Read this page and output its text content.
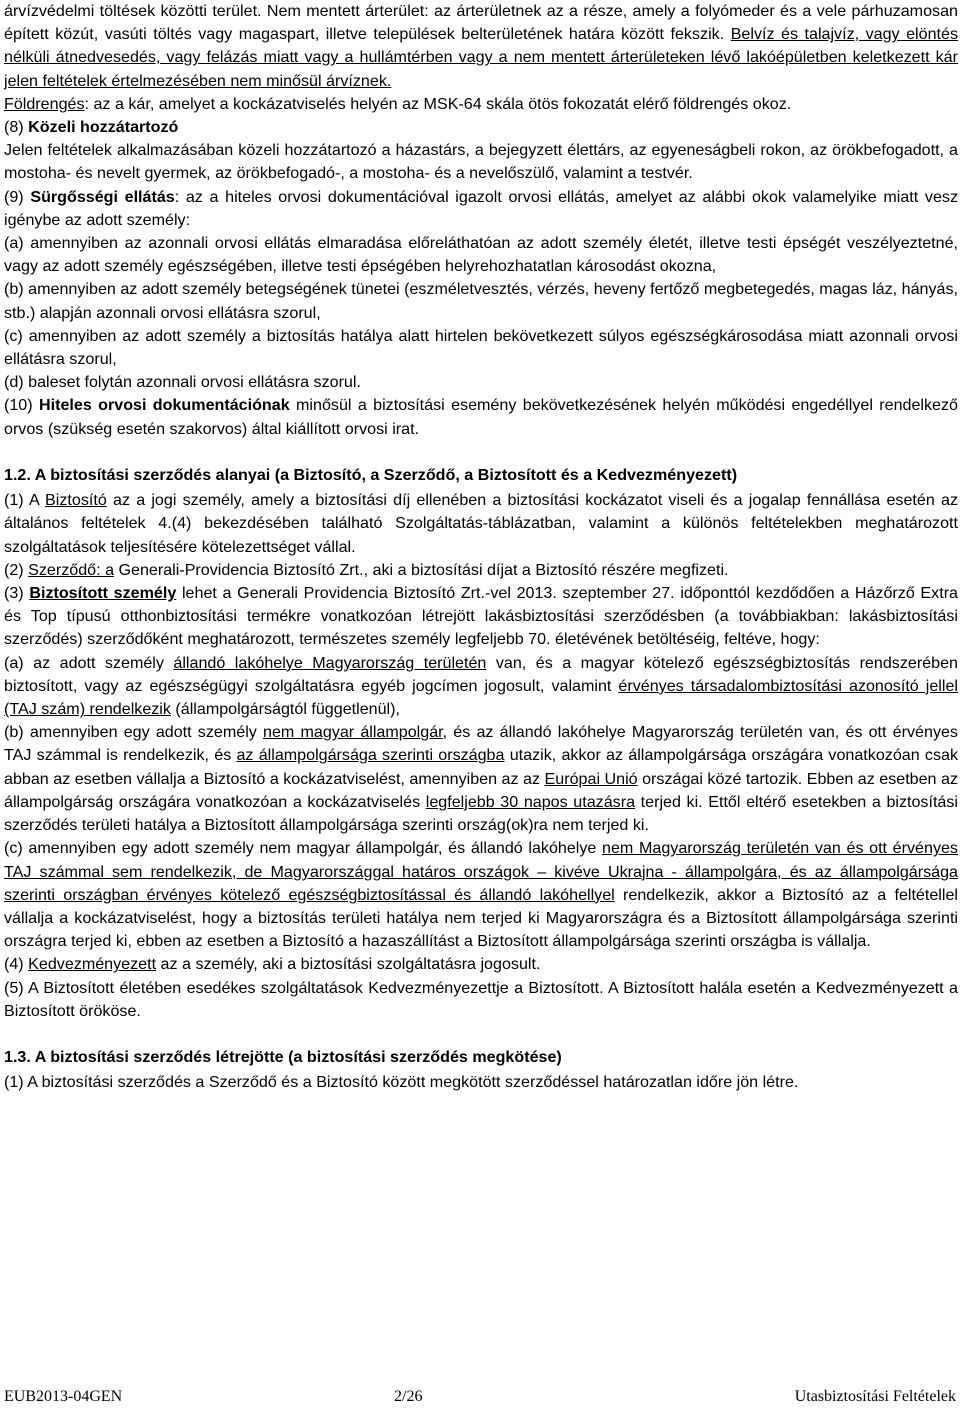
árvízvédelmi töltések közötti terület. Nem mentett árterület: az árterületnek az a része, amely a folyómeder és a vele párhuzamosan épített közút, vasúti töltés vagy magaspart, illetve települések belterületének határa között fekszik. Belvíz és talajvíz, vagy elöntés nélküli átnedvesedés, vagy felázás miatt vagy a hullámtérben vagy a nem mentett árterületeken lévő lakóépületben keletkezett kár jelen feltételek értelmezésében nem minősül árvíznek.

Földrengés: az a kár, amelyet a kockázatviselés helyén az MSK-64 skála ötös fokozatát elérő földrengés okoz.

(8) Közeli hozzátartozó

Jelen feltételek alkalmazásában közeli hozzátartozó a házastárs, a bejegyzett élettárs, az egyeneságbeli rokon, az örökbefogadott, a mostoha- és nevelt gyermek, az örökbefogadó-, a mostoha- és a nevelőszülő, valamint a testvér.

(9) Sürgősségi ellátás: az a hiteles orvosi dokumentációval igazolt orvosi ellátás, amelyet az alábbi okok valamelyike miatt vesz igénybe az adott személy:

(a) amennyiben az azonnali orvosi ellátás elmaradása előreláthatóan az adott személy életét, illetve testi épségét veszélyeztetné, vagy az adott személy egészségében, illetve testi épségében helyrehozhatatlan károsodást okozna,

(b) amennyiben az adott személy betegségének tünetei (eszméletvesztés, vérzés, heveny fertőző megbetegedés, magas láz, hányás, stb.) alapján azonnali orvosi ellátásra szorul,

(c) amennyiben az adott személy a biztosítás hatálya alatt hirtelen bekövetkezett súlyos egészségkárosodása miatt azonnali orvosi ellátásra szorul,

(d) baleset folytán azonnali orvosi ellátásra szorul.

(10) Hiteles orvosi dokumentációnak minősül a biztosítási esemény bekövetkezésének helyén működési engedéllyel rendelkező orvos (szükség esetén szakorvos) által kiállított orvosi irat.

1.2. A biztosítási szerződés alanyai (a Biztosító, a Szerződő, a Biztosított és a Kedvezményezett)

(1) A Biztosító az a jogi személy, amely a biztosítási díj ellenében a biztosítási kockázatot viseli és a jogalap fennállása esetén az általános feltételek 4.(4) bekezdésében található Szolgáltatás-táblázatban, valamint a különös feltételekben meghatározott szolgáltatások teljesítésére kötelezettséget vállal.

(2) Szerződő: a Generali-Providencia Biztosító Zrt., aki a biztosítási díjat a Biztosító részére megfizeti.

(3) Biztosított személy lehet a Generali Providencia Biztosító Zrt.-vel 2013. szeptember 27. időponttól kezdődően a Házőrző Extra és Top típusú otthonbiztosítási termékre vonatkozóan létrejött lakásbiztosítási szerződésben (a továbbiakban: lakásbiztosítási szerződés) szerződőként meghatározott, természetes személy legfeljebb 70. életévének betöltéséig, feltéve, hogy:

(a) az adott személy állandó lakóhelye Magyarország területén van, és a magyar kötelező egészségbiztosítás rendszerében biztosított, vagy az egészségügyi szolgáltatásra egyéb jogcímen jogosult, valamint érvényes társadalombiztosítási azonosító jellel (TAJ szám) rendelkezik (állampolgárságtól függetlenül),

(b) amennyiben egy adott személy nem magyar állampolgár, és az állandó lakóhelye Magyarország területén van, és ott érvényes TAJ számmal is rendelkezik, és az állampolgársága szerinti országba utazik, akkor az állampolgársága országára vonatkozóan csak abban az esetben vállalja a Biztosító a kockázatviselést, amennyiben az az Európai Unió országai közé tartozik. Ebben az esetben az állampolgárság országára vonatkozóan a kockázatviselés legfeljebb 30 napos utazásra terjed ki. Ettől eltérő esetekben a biztosítási szerződés területi hatálya a Biztosított állampolgársága szerinti ország(ok)ra nem terjed ki.

(c) amennyiben egy adott személy nem magyar állampolgár, és állandó lakóhelye nem Magyarország területén van és ott érvényes TAJ számmal sem rendelkezik, de Magyarországgal határos országok – kivéve Ukrajna - állampolgára, és az állampolgársága szerinti országban érvényes kötelező egészségbiztosítással és állandó lakóhellyel rendelkezik, akkor a Biztosító az a feltétellel vállalja a kockázatviselést, hogy a biztosítás területi hatálya nem terjed ki Magyarországra és a Biztosított állampolgársága szerinti országra terjed ki, ebben az esetben a Biztosító a hazaszállítást a Biztosított állampolgársága szerinti országba is vállalja.

(4) Kedvezményezett az a személy, aki a biztosítási szolgáltatásra jogosult.

(5) A Biztosított életében esedékes szolgáltatások Kedvezményezettje a Biztosított. A Biztosított halála esetén a Kedvezményezett a Biztosított örököse.

1.3. A biztosítási szerződés létrejötte (a biztosítási szerződés megkötése)

(1) A biztosítási szerződés a Szerződő és a Biztosító között megkötött szerződéssel határozatlan időre jön létre.

EUB2013-04GEN	2/26	Utasbiztosítási Feltételek
